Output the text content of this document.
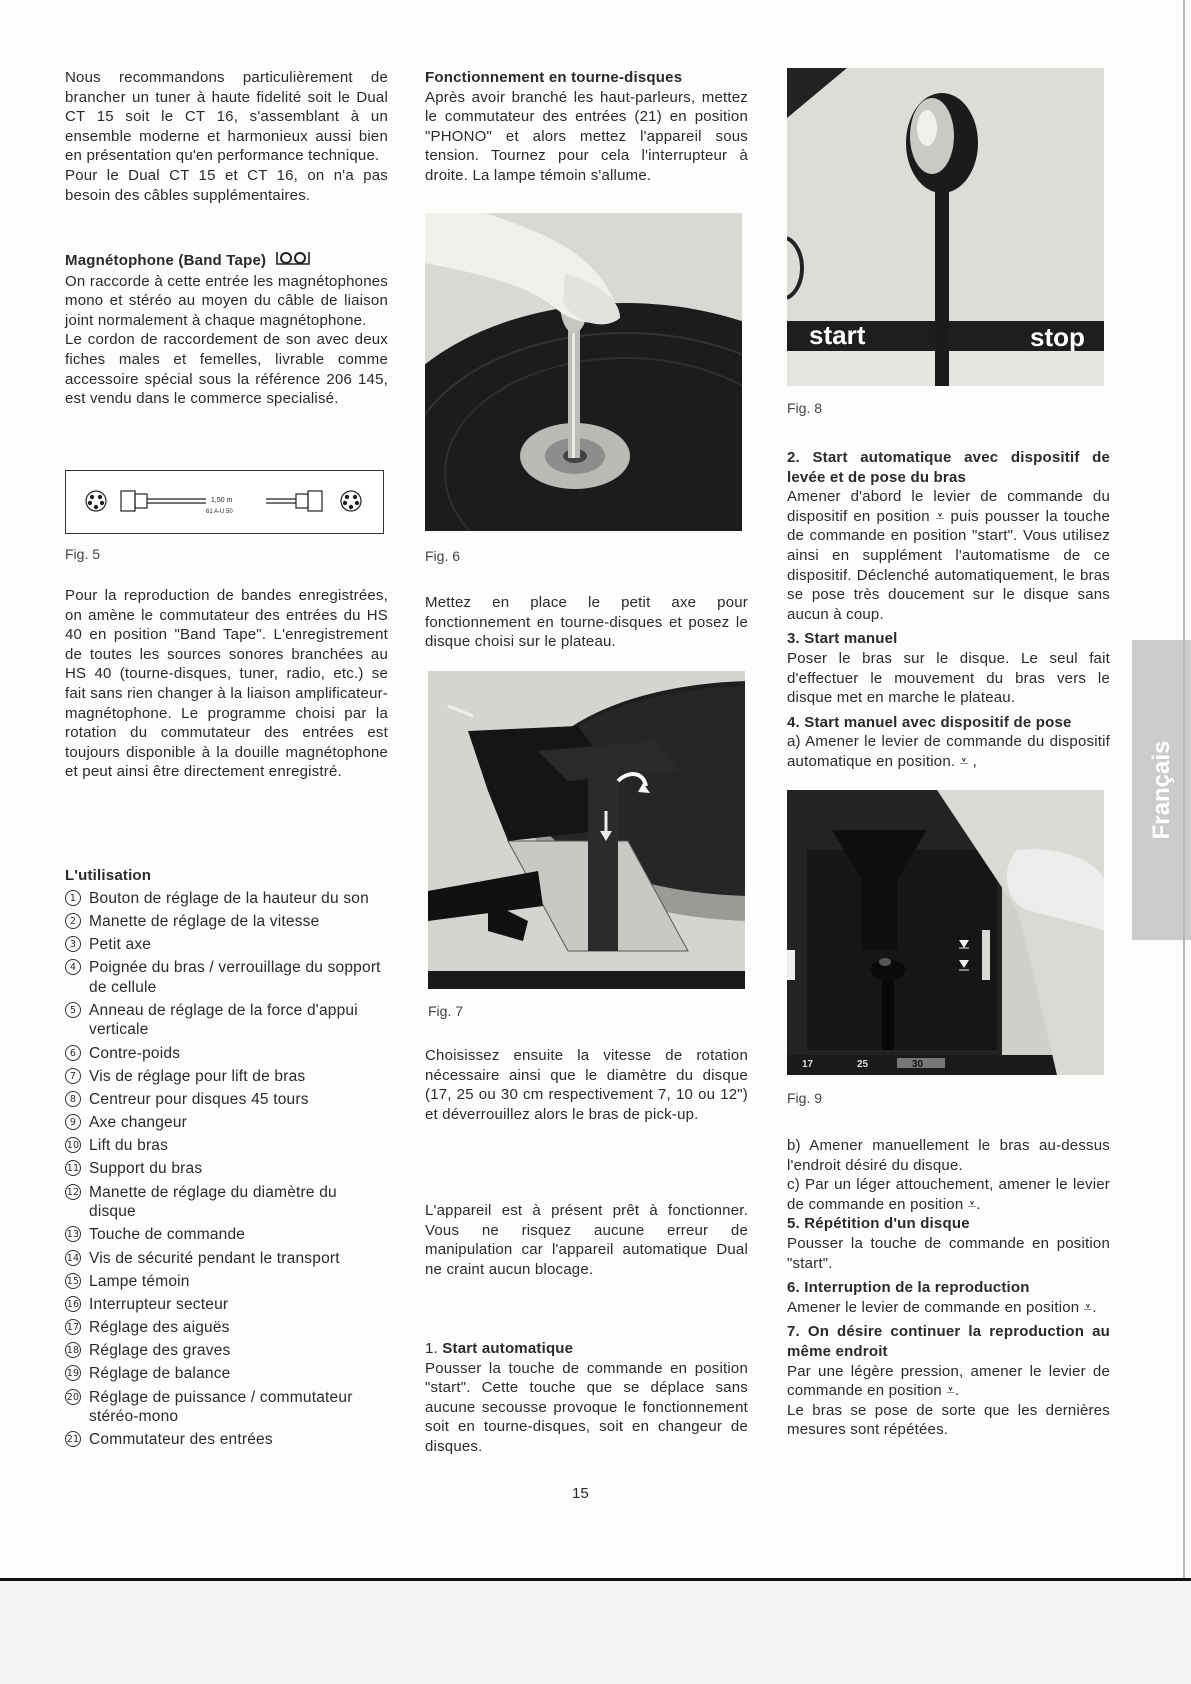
Nous recommandons particulièrement de brancher un tuner à haute fidelité soit le Dual CT 15 soit le CT 16, s'assemblant à un ensemble moderne et harmonieux aussi bien en présentation qu'en performance technique.

Pour le Dual CT 15 et CT 16, on n'a pas besoin des câbles supplémentaires.

Magnétophone (Band Tape)

On raccorde à cette entrée les magnétophones mono et stéréo au moyen du câble de liaison joint normalement à chaque magnétophone.

Le cordon de raccordement de son avec deux fiches males et femelles, livrable comme accessoire spécial sous la référence 206 145, est vendu dans le commerce specialisé.

1,50 m
61 A-U 50
Fig. 5

Pour la reproduction de bandes enregistrées, on amène le commutateur des entrées du HS 40 en position "Band Tape". L'enregistrement de toutes les sources sonores branchées au HS 40 (tourne-disques, tuner, radio, etc.) se fait sans rien changer à la liaison amplificateur-magnétophone. Le programme choisi par la rotation du commutateur des entrées est toujours disponible à la douille magnétophone et peut ainsi être directement enregistré.

L'utilisation

1 Bouton de réglage de la hauteur du son
2 Manette de réglage de la vitesse
3 Petit axe
4 Poignée du bras / verrouillage du sopport de cellule
5 Anneau de réglage de la force d'appui verticale
6 Contre-poids
7 Vis de réglage pour lift de bras
8 Centreur pour disques 45 tours
9 Axe changeur
10 Lift du bras
11 Support du bras
12 Manette de réglage du diamètre du disque
13 Touche de commande
14 Vis de sécurité pendant le transport
15 Lampe témoin
16 Interrupteur secteur
17 Réglage des aiguës
18 Réglage des graves
19 Réglage de balance
20 Réglage de puissance / commutateur stéréo-mono
21 Commutateur des entrées

Fonctionnement en tourne-disques

Après avoir branché les haut-parleurs, mettez le commutateur des entrées (21) en position "PHONO" et alors mettez l'appareil sous tension. Tournez pour cela l'interrupteur à droite. La lampe témoin s'allume.

Fig. 6

Mettez en place le petit axe pour fonctionnement en tourne-disques et posez le disque choisi sur le plateau.

Fig. 7

Choisissez ensuite la vitesse de rotation nécessaire ainsi que le diamètre du disque (17, 25 ou 30 cm respectivement 7, 10 ou 12") et déverrouillez alors le bras de pick-up.

L'appareil est à présent prêt à fonctionner. Vous ne risquez aucune erreur de manipulation car l'appareil automatique Dual ne craint aucun blocage.

1. Start automatique

Pousser la touche de commande en position "start". Cette touche que se déplace sans aucune secousse provoque le fonctionnement soit en tourne-disques, soit en changeur de disques.

start	stop
Fig. 8

2. Start automatique avec dispositif de levée et de pose du bras

Amener d'abord le levier de commande du dispositif en position ⩡ puis pousser la touche de commande en position "start". Vous utilisez ainsi en supplément l'automatisme de ce dispositif. Déclenché automatiquement, le bras se pose très doucement sur le disque sans aucun à coup.

3. Start manuel

Poser le bras sur le disque. Le seul fait d'effectuer le mouvement du bras vers le disque met en marche le plateau.

4. Start manuel avec dispositif de pose

a) Amener le levier de commande du dispositif automatique en position. ⩡ ,

17	25	30
Fig. 9

b) Amener manuellement le bras au-dessus l'endroit désiré du disque.

c) Par un léger attouchement, amener le levier de commande en position ⩡.

5. Répétition d'un disque

Pousser la touche de commande en position "start".

6. Interruption de la reproduction

Amener le levier de commande en position ⩡.

7. On désire continuer la reproduction au même endroit

Par une légère pression, amener le levier de commande en position ⩡.

Le bras se pose de sorte que les dernières mesures sont répétées.

Français
15
